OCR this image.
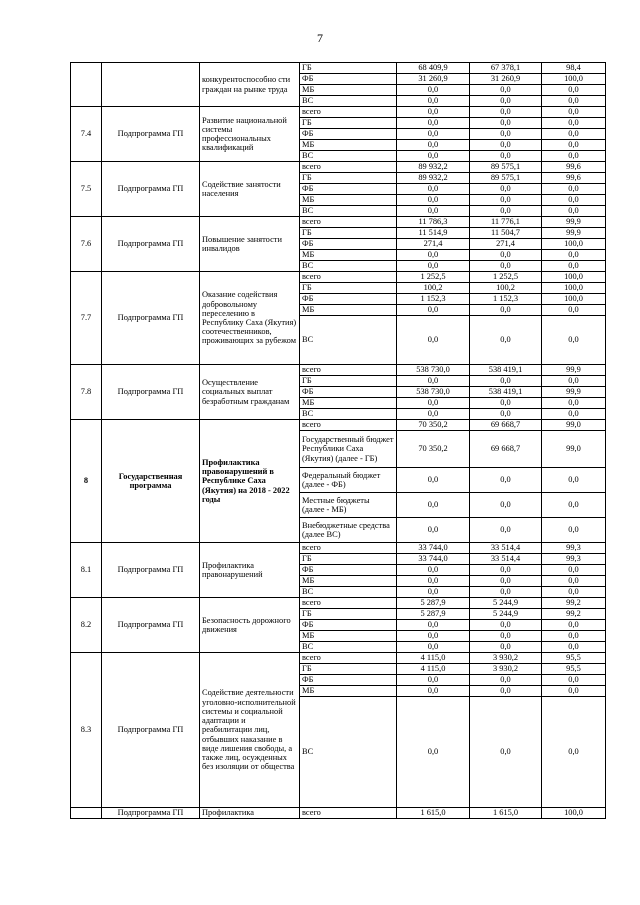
7
		конкурентоспособно сти граждан на рынке труда	ГБ	68 409,9	67 378,1	98,4
			ФБ	31 260,9	31 260,9	100,0
			МБ	0,0	0,0	0,0
			ВС	0,0	0,0	0,0
7.4	Подпрограмма ГП	Развитие национальной системы профессиональных квалификаций	всего	0,0	0,0	0,0
			ГБ	0,0	0,0	0,0
			ФБ	0,0	0,0	0,0
			МБ	0,0	0,0	0,0
			ВС	0,0	0,0	0,0
7.5	Подпрограмма ГП	Содействие занятости населения	всего	89 932,2	89 575,1	99,6
			ГБ	89 932,2	89 575,1	99,6
			ФБ	0,0	0,0	0,0
			МБ	0,0	0,0	0,0
			ВС	0,0	0,0	0,0
7.6	Подпрограмма ГП	Повышение занятости инвалидов	всего	11 786,3	11 776,1	99,9
			ГБ	11 514,9	11 504,7	99,9
			ФБ	271,4	271,4	100,0
			МБ	0,0	0,0	0,0
			ВС	0,0	0,0	0,0
7.7	Подпрограмма ГП	Оказание содействия добровольному переселению в Республику Саха (Якутия) соотечественников, проживающих за рубежом	всего	1 252,5	1 252,5	100,0
			ГБ	100,2	100,2	100,0
			ФБ	1 152,3	1 152,3	100,0
			МБ	0,0	0,0	0,0
			ВС	0,0	0,0	0,0
7.8	Подпрограмма ГП	Осуществление социальных выплат безработным гражданам	всего	538 730,0	538 419,1	99,9
			ГБ	0,0	0,0	0,0
			ФБ	538 730,0	538 419,1	99,9
			МБ	0,0	0,0	0,0
			ВС	0,0	0,0	0,0
8	Государственная программа	Профилактика правонарушений в Республике Саха (Якутия) на 2018 - 2022 годы	всего	70 350,2	69 668,7	99,0
			Государственный бюджет Республики Саха (Якутия) (далее - ГБ)	70 350,2	69 668,7	99,0
			Федеральный бюджет (далее - ФБ)	0,0	0,0	0,0
			Местные бюджеты (далее - МБ)	0,0	0,0	0,0
			Внебюджетные средства (далее ВС)	0,0	0,0	0,0
8.1	Подпрограмма ГП	Профилактика правонарушений	всего	33 744,0	33 514,4	99,3
			ГБ	33 744,0	33 514,4	99,3
			ФБ	0,0	0,0	0,0
			МБ	0,0	0,0	0,0
			ВС	0,0	0,0	0,0
8.2	Подпрограмма ГП	Безопасность дорожного движения	всего	5 287,9	5 244,9	99,2
			ГБ	5 287,9	5 244,9	99,2
			ФБ	0,0	0,0	0,0
			МБ	0,0	0,0	0,0
			ВС	0,0	0,0	0,0
8.3	Подпрограмма ГП	Содействие деятельности уголовно-исполнительной системы и социальной адаптации и реабилитации лиц, отбывших наказание в виде лишения свободы, а также лиц, осужденных без изоляции от общества	всего	4 115,0	3 930,2	95,5
			ГБ	4 115,0	3 930,2	95,5
			ФБ	0,0	0,0	0,0
			МБ	0,0	0,0	0,0
			ВС	0,0	0,0	0,0
	Подпрограмма ГП	Профилактика	всего	1 615,0	1 615,0	100,0
